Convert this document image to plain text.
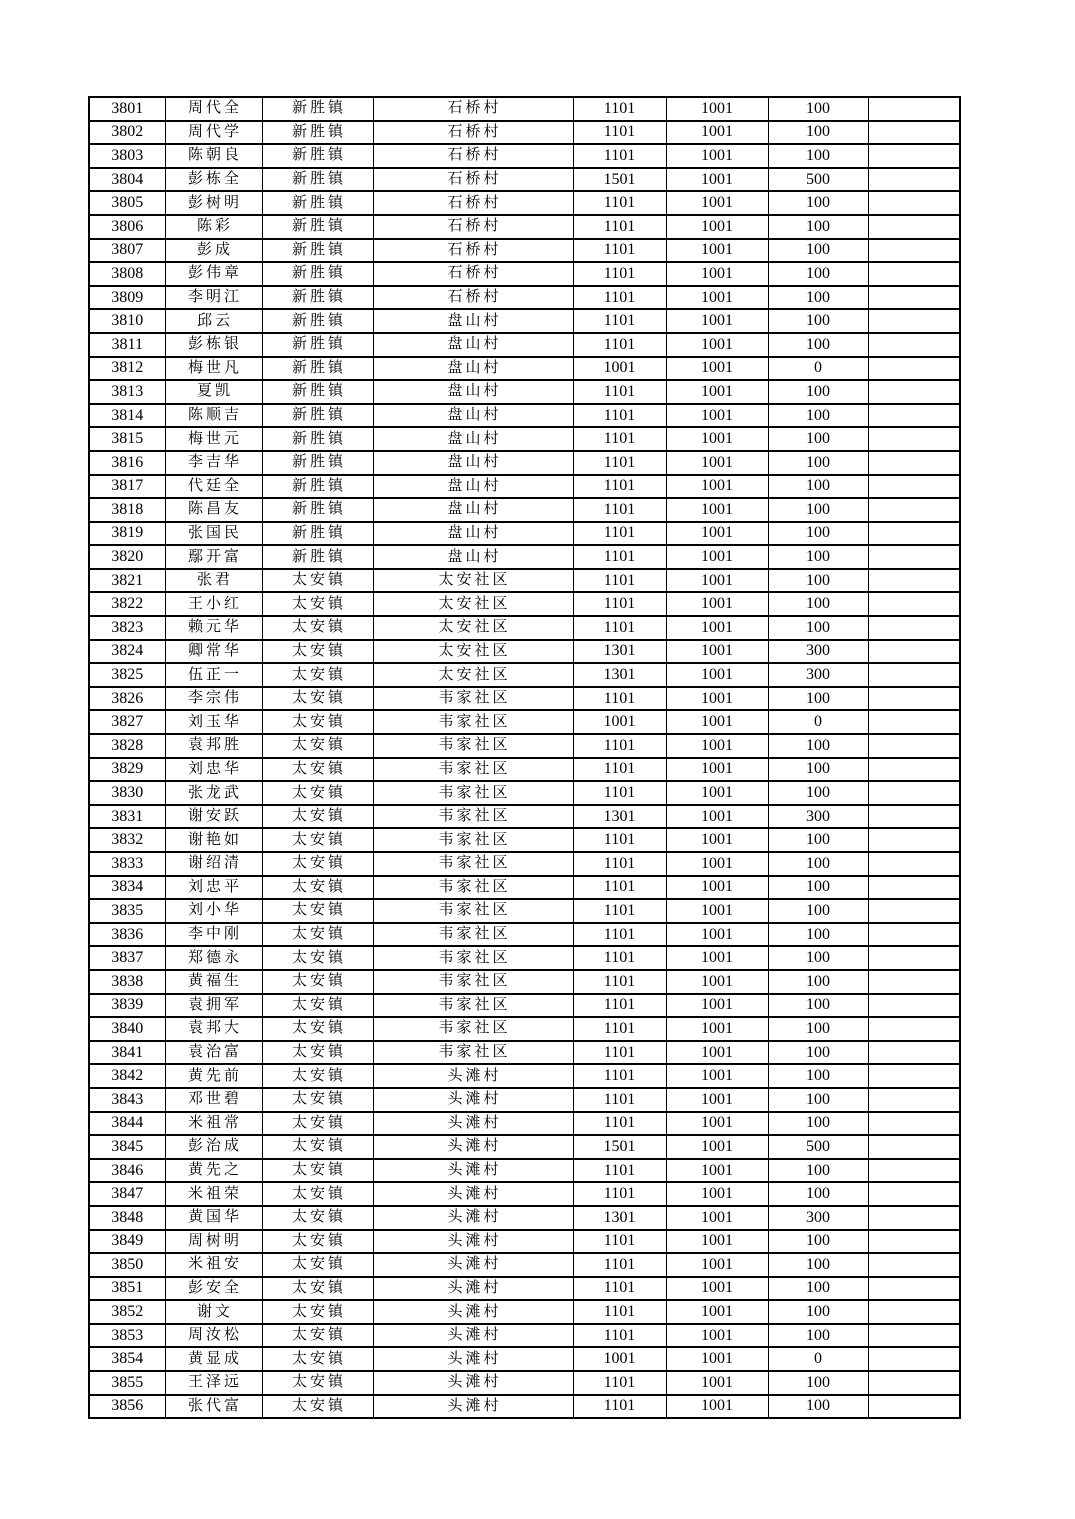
3801	周代全	新胜镇	石桥村	1101	1001	100	
3802	周代学	新胜镇	石桥村	1101	1001	100	
3803	陈朝良	新胜镇	石桥村	1101	1001	100	
3804	彭栋全	新胜镇	石桥村	1501	1001	500	
3805	彭树明	新胜镇	石桥村	1101	1001	100	
3806	陈彩	新胜镇	石桥村	1101	1001	100	
3807	彭成	新胜镇	石桥村	1101	1001	100	
3808	彭伟章	新胜镇	石桥村	1101	1001	100	
3809	李明江	新胜镇	石桥村	1101	1001	100	
3810	邱云	新胜镇	盘山村	1101	1001	100	
3811	彭栋银	新胜镇	盘山村	1101	1001	100	
3812	梅世凡	新胜镇	盘山村	1001	1001	0	
3813	夏凯	新胜镇	盘山村	1101	1001	100	
3814	陈顺吉	新胜镇	盘山村	1101	1001	100	
3815	梅世元	新胜镇	盘山村	1101	1001	100	
3816	李吉华	新胜镇	盘山村	1101	1001	100	
3817	代廷全	新胜镇	盘山村	1101	1001	100	
3818	陈昌友	新胜镇	盘山村	1101	1001	100	
3819	张国民	新胜镇	盘山村	1101	1001	100	
3820	鄢开富	新胜镇	盘山村	1101	1001	100	
3821	张君	太安镇	太安社区	1101	1001	100	
3822	王小红	太安镇	太安社区	1101	1001	100	
3823	赖元华	太安镇	太安社区	1101	1001	100	
3824	卿常华	太安镇	太安社区	1301	1001	300	
3825	伍正一	太安镇	太安社区	1301	1001	300	
3826	李宗伟	太安镇	韦家社区	1101	1001	100	
3827	刘玉华	太安镇	韦家社区	1001	1001	0	
3828	袁邦胜	太安镇	韦家社区	1101	1001	100	
3829	刘忠华	太安镇	韦家社区	1101	1001	100	
3830	张龙武	太安镇	韦家社区	1101	1001	100	
3831	谢安跃	太安镇	韦家社区	1301	1001	300	
3832	谢艳如	太安镇	韦家社区	1101	1001	100	
3833	谢绍清	太安镇	韦家社区	1101	1001	100	
3834	刘忠平	太安镇	韦家社区	1101	1001	100	
3835	刘小华	太安镇	韦家社区	1101	1001	100	
3836	李中刚	太安镇	韦家社区	1101	1001	100	
3837	郑德永	太安镇	韦家社区	1101	1001	100	
3838	黄福生	太安镇	韦家社区	1101	1001	100	
3839	袁拥军	太安镇	韦家社区	1101	1001	100	
3840	袁邦大	太安镇	韦家社区	1101	1001	100	
3841	袁治富	太安镇	韦家社区	1101	1001	100	
3842	黄先前	太安镇	头滩村	1101	1001	100	
3843	邓世碧	太安镇	头滩村	1101	1001	100	
3844	米祖常	太安镇	头滩村	1101	1001	100	
3845	彭治成	太安镇	头滩村	1501	1001	500	
3846	黄先之	太安镇	头滩村	1101	1001	100	
3847	米祖荣	太安镇	头滩村	1101	1001	100	
3848	黄国华	太安镇	头滩村	1301	1001	300	
3849	周树明	太安镇	头滩村	1101	1001	100	
3850	米祖安	太安镇	头滩村	1101	1001	100	
3851	彭安全	太安镇	头滩村	1101	1001	100	
3852	谢文	太安镇	头滩村	1101	1001	100	
3853	周汝松	太安镇	头滩村	1101	1001	100	
3854	黄显成	太安镇	头滩村	1001	1001	0	
3855	王泽远	太安镇	头滩村	1101	1001	100	
3856	张代富	太安镇	头滩村	1101	1001	100	
